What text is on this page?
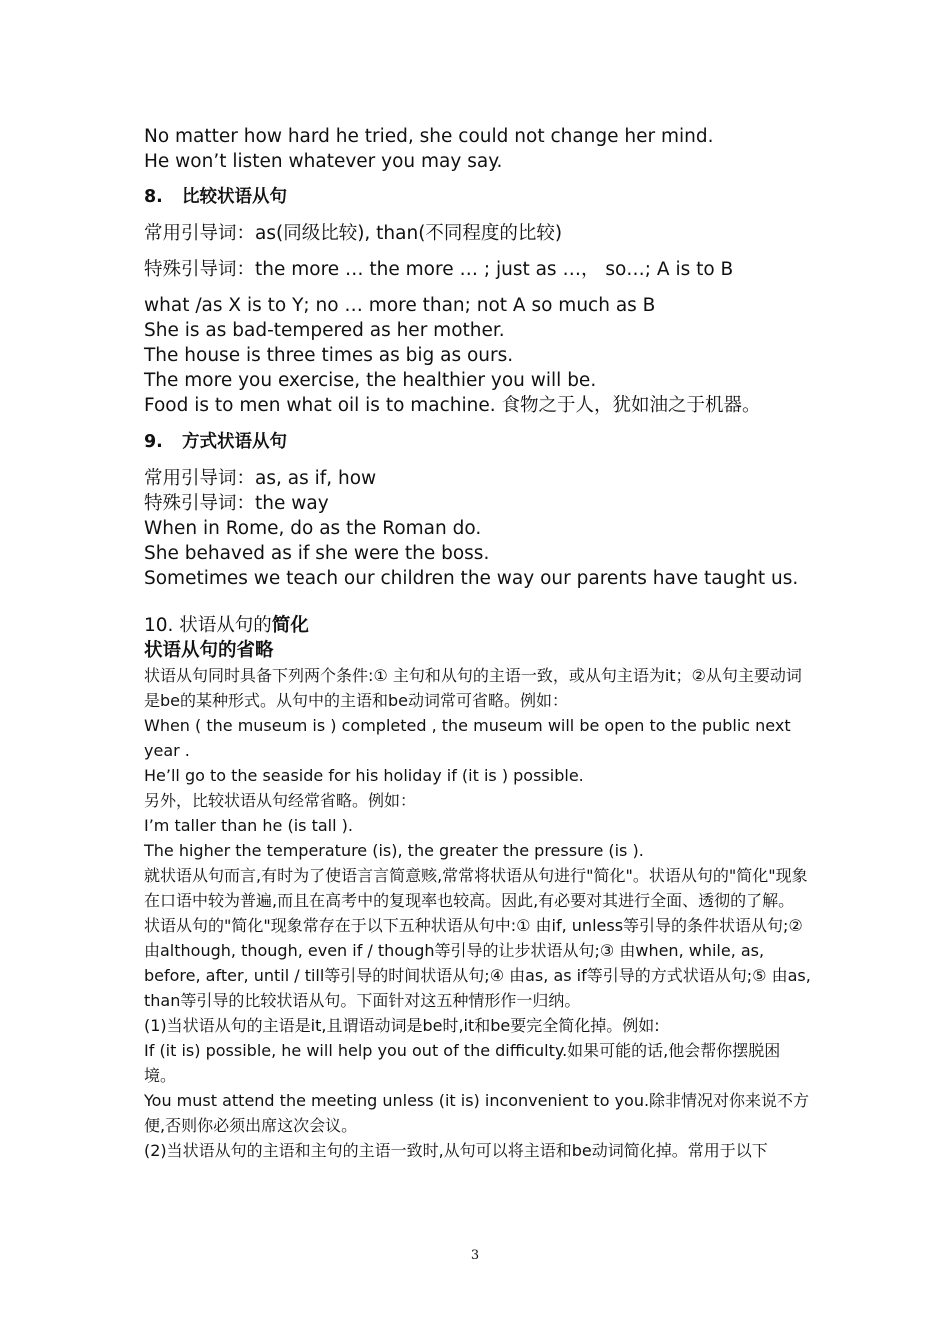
No matter how hard he tried, she could not change her mind.

He won’t listen whatever you may say.

8. 比较状语从句

常用引导词：as(同级比较), than(不同程度的比较)

特殊引导词：the more … the more … ; just as …， so…; A is to B

what /as X is to Y; no … more than; not A so much as B

She is as bad-tempered as her mother.

The house is three times as big as ours.

The more you exercise, the healthier you will be.

Food is to men what oil is to machine. 食物之于人，犹如油之于机器。

9. 方式状语从句

常用引导词：as, as if, how

特殊引导词：the way

When in Rome, do as the Roman do.

She behaved as if she were the boss.

Sometimes we teach our children the way our parents have taught us.

10. 状语从句的简化

状语从句的省略

状语从句同时具备下列两个条件:① 主句和从句的主语一致，或从句主语为it；②从句主要动词是be的某种形式。从句中的主语和be动词常可省略。例如：

When ( the museum is ) completed , the museum will be open to the public next year .

He’ll go to the seaside for his holiday if (it is ) possible.

另外，比较状语从句经常省略。例如：

I’m taller than he (is tall ).

The higher the temperature (is), the greater the pressure (is ).

就状语从句而言,有时为了使语言言简意赅,常常将状语从句进行"简化"。状语从句的"简化"现象在口语中较为普遍,而且在高考中的复现率也较高。因此,有必要对其进行全面、透彻的了解。

状语从句的"简化"现象常存在于以下五种状语从句中:① 由if, unless等引导的条件状语从句;② 由although, though, even if / though等引导的让步状语从句;③ 由when, while, as, before, after, until / till等引导的时间状语从句;④ 由as, as if等引导的方式状语从句;⑤ 由as, than等引导的比较状语从句。下面针对这五种情形作一归纳。

(1)当状语从句的主语是it,且谓语动词是be时,it和be要完全简化掉。例如:

If (it is) possible, he will help you out of the difficulty.如果可能的话,他会帮你摆脱困境。

You must attend the meeting unless (it is) inconvenient to you.除非情况对你来说不方便,否则你必须出席这次会议。

(2)当状语从句的主语和主句的主语一致时,从句可以将主语和be动词简化掉。常用于以下

3
